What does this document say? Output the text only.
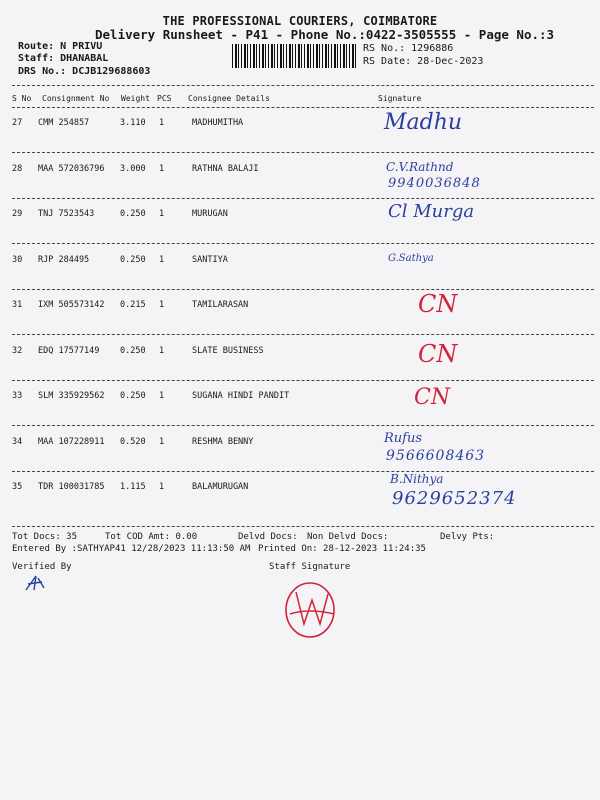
THE PROFESSIONAL COURIERS, COIMBATORE
Delivery Runsheet - P41 - Phone No.:0422-3505555 - Page No.:3
Route: N PRIVU
Staff: DHANABAL
DRS No.: DCJB129688603
RS No.: 1296886
RS Date: 28-Dec-2023
S No Consignment No Weight PCS Consignee Details	Signature
27 CMM 254857	3.110 1	MADHUMITHA	Madhu
28 MAA 572036796 3.000 1	RATHNA BALAJI	C.V.Rathnd
9940036848
29 TNJ 7523543	0.250 1	MURUGAN	Cl Murga
30 RJP 284495	0.250 1	SANTIYA	G.Sathya
31 IXM 505573142 0.215 1	TAMILARASAN	CN
32 EDQ 17577149 0.250 1	SLATE BUSINESS	CN
33 SLM 335929562 0.250 1	SUGANA HINDI PANDIT	CN
34 MAA 107228911 0.520 1	RESHMA BENNY	Rufus
9566608463
35 TDR 100031785 1.115 1	BALAMURUGAN
B.Nithya
9629652374
Tot Docs: 35	Tot COD Amt: 0.00	Delvd Docs: Non Delvd Docs:	Delvy Pts:
Entered By :SATHYAP41 12/28/2023 11:13:50 AM Printed On: 28-12-2023 11:24:35
Verified By	Staff Signature
